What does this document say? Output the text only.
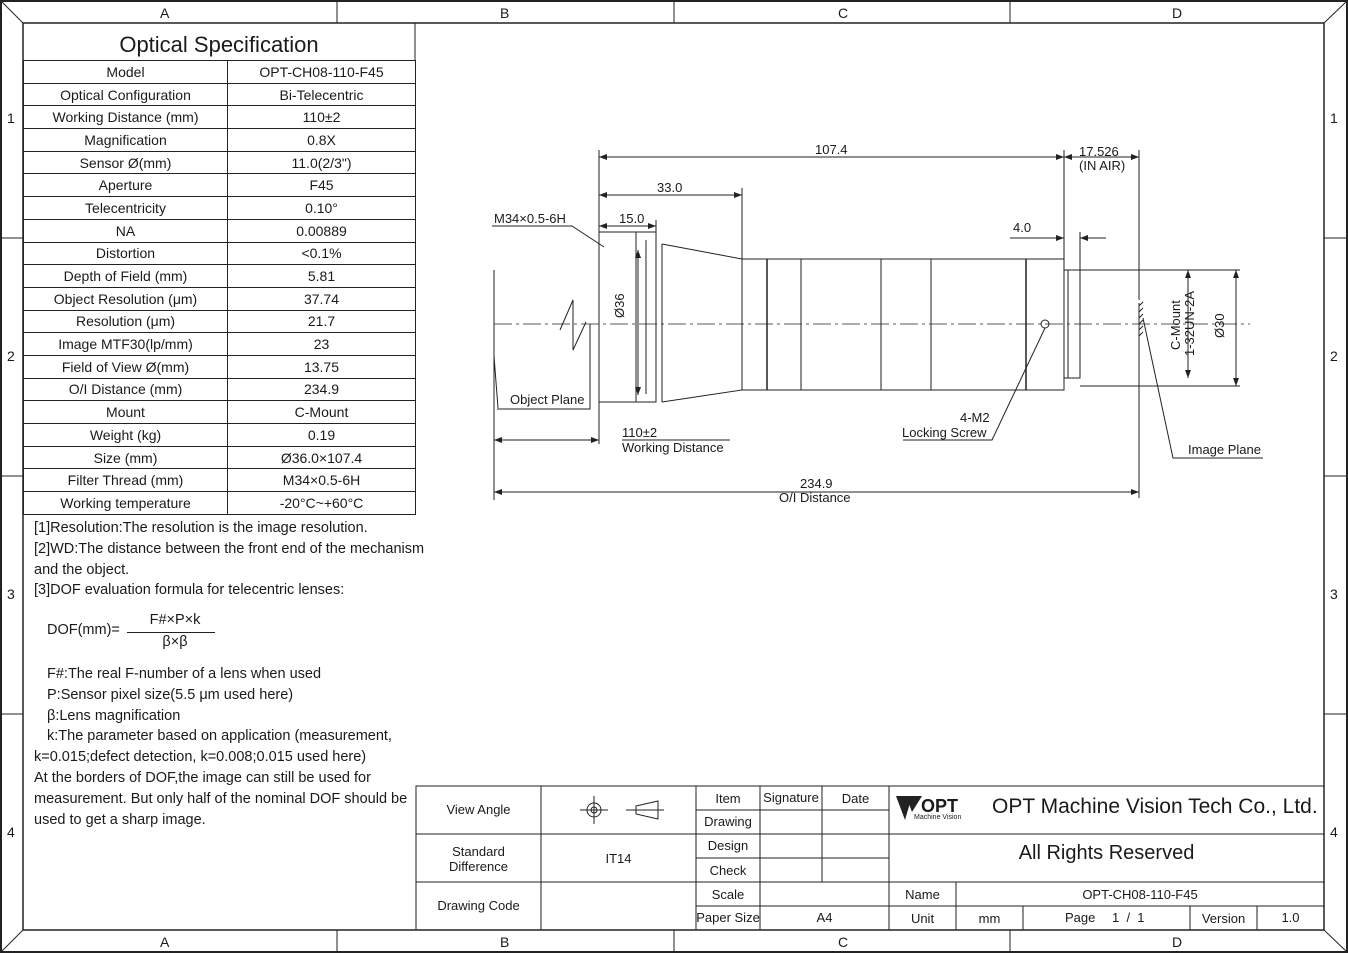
A	B	C	D
A	B	C	D
1
2
3
4
1
2
3
4
Optical Specification
Model	OPT-CH08-110-F45
Optical Configuration	Bi-Telecentric
Working Distance (mm)	110±2
Magnification	0.8X
Sensor Ø(mm)	11.0(2/3")
Aperture	F45
Telecentricity	0.10°
NA	0.00889
Distortion	<0.1%
Depth of Field (mm)	5.81
Object Resolution (μm)	37.74
Resolution (μm)	21.7
Image MTF30(lp/mm)	23
Field of View Ø(mm)	13.75
O/I Distance (mm)	234.9
Mount	C-Mount
Weight (kg)	0.19
Size (mm)	Ø36.0×107.4
Filter Thread (mm)	M34×0.5-6H
Working temperature	-20°C~+60°C

[1]Resolution:The resolution is the image resolution.

[2]WD:The distance between the front end of the mechanism

and the object.

[3]DOF evaluation formula for telecentric lenses:

DOF(mm)=
F#×P×k
β×β

F#:The real F-number of a lens when used

P:Sensor pixel size(5.5 μm used here)

β:Lens magnification

k:The parameter based on application (measurement,

k=0.015;defect detection, k=0.008;0.015 used here)

At the borders of DOF,the image can still be used for

measurement. But only half of the nominal DOF should be

used to get a sharp image.

107.4	17.526
(IN AIR)
33.0
15.0
4.0
M34×0.5-6H
Ø36
Ø30
C-Mount 1-32UN-2A
Object Plane
110±2
Working Distance
4-M2
Locking Screw
Image Plane
234.9
O/I Distance
View Angle
Standard
Difference
IT14
Drawing Code
Item	Signature	Date
Drawing
Design
Check
Scale
Paper Size	A4
OPT
Machine Vision OPT Machine Vision Tech Co., Ltd.
All Rights Reserved
Name	OPT-CH08-110-F45
Unit	mm	Page 1  /  1	Version	1.0
